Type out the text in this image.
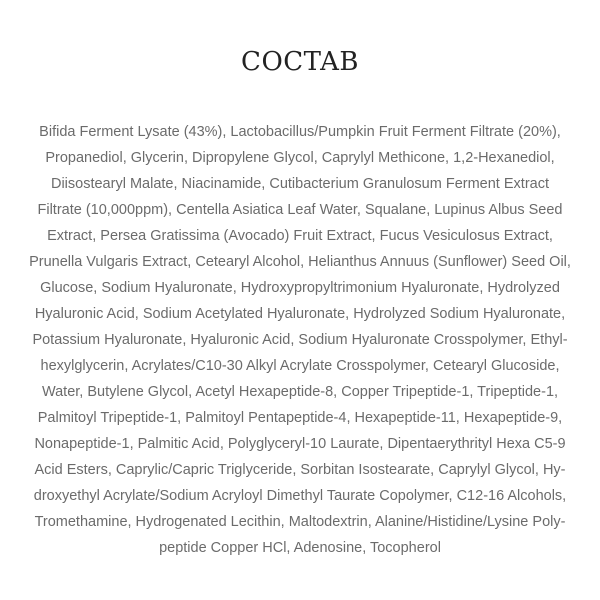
COCTAB
Bifida Ferment Lysate (43%), Lactobacillus/Pumpkin Fruit Ferment Filtrate (20%),
Propanediol, Glycerin, Dipropylene Glycol, Caprylyl Methicone, 1,2-Hexanediol,
Diisostearyl Malate, Niacinamide, Cutibacterium Granulosum Ferment Extract
Filtrate (10,000ppm), Centella Asiatica Leaf Water, Squalane, Lupinus Albus Seed
Extract, Persea Gratissima (Avocado) Fruit Extract, Fucus Vesiculosus Extract,
Prunella Vulgaris Extract, Cetearyl Alcohol, Helianthus Annuus (Sunflower) Seed Oil,
Glucose, Sodium Hyaluronate, Hydroxypropyltrimonium Hyaluronate, Hydrolyzed
Hyaluronic Acid, Sodium Acetylated Hyaluronate, Hydrolyzed Sodium Hyaluronate,
Potassium Hyaluronate, Hyaluronic Acid, Sodium Hyaluronate Crosspolymer, Ethyl-
hexylglycerin, Acrylates/C10-30 Alkyl Acrylate Crosspolymer, Cetearyl Glucoside,
Water, Butylene Glycol, Acetyl Hexapeptide-8, Copper Tripeptide-1, Tripeptide-1,
Palmitoyl Tripeptide-1, Palmitoyl Pentapeptide-4, Hexapeptide-11, Hexapeptide-9,
Nonapeptide-1, Palmitic Acid, Polyglyceryl-10 Laurate, Dipentaerythrityl Hexa C5-9
Acid Esters, Caprylic/Capric Triglyceride, Sorbitan Isostearate, Caprylyl Glycol, Hy-
droxyethyl Acrylate/Sodium Acryloyl Dimethyl Taurate Copolymer, C12-16 Alcohols,
Tromethamine, Hydrogenated Lecithin, Maltodextrin, Alanine/Histidine/Lysine Poly-
peptide Copper HCl, Adenosine, Tocopherol
